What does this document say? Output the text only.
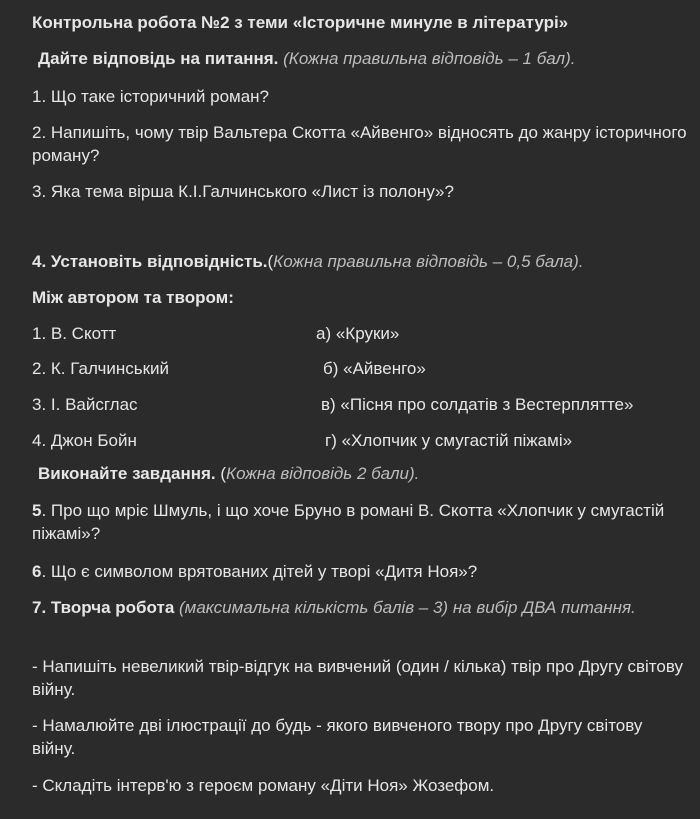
Контрольна робота №2 з теми «Історичне минуле в літературі»
Дайте відповідь на питання. (Кожна правильна відповідь – 1 бал).
1. Що таке історичний роман?
2. Напишіть, чому твір Вальтера Скотта «Айвенго» відносять до жанру історичного роману?
3. Яка тема вірша К.І.Галчинського «Лист із полону»?
4. Установіть відповідність.(Кожна правильна відповідь – 0,5 бала).
Між автором та твором:
1. В. Скотт	а) «Круки»
2. К. Галчинський	б) «Айвенго»
3. І. Вайсглас	в) «Пісня про солдатів з Вестерплятте»
4. Джон Бойн	г) «Хлопчик у смугастій піжамі»
Виконайте завдання. (Кожна відповідь 2 бали).
5. Про що мріє Шмуль, і що хоче Бруно в романі В. Скотта «Хлопчик у смугастій піжамі»?
6. Що є символом врятованих дітей у творі «Дитя Ноя»?
7. Творча робота (максимальна кількість балів – 3) на вибір ДВА питання.
- Напишіть невеликий твір-відгук на вивчений (один / кілька) твір про Другу світову війну.
- Намалюйте дві ілюстрації до будь - якого вивченого твору про Другу світову війну.
- Складіть інтерв'ю з героєм роману «Діти Ноя» Жозефом.
